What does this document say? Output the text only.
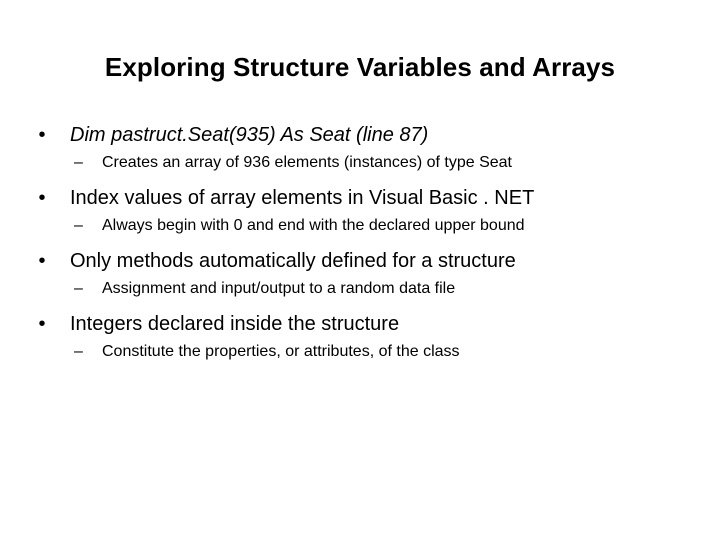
Exploring Structure Variables and Arrays
•	Dim pastruct.Seat(935) As Seat (line 87)
– Creates an array of 936 elements (instances) of type Seat
•	Index values of array elements in Visual Basic . NET
– Always begin with 0 and end with the declared upper bound
•	Only methods automatically defined for a structure
– Assignment and input/output to a random data file
•	Integers declared inside the structure
– Constitute the properties, or attributes, of the class
